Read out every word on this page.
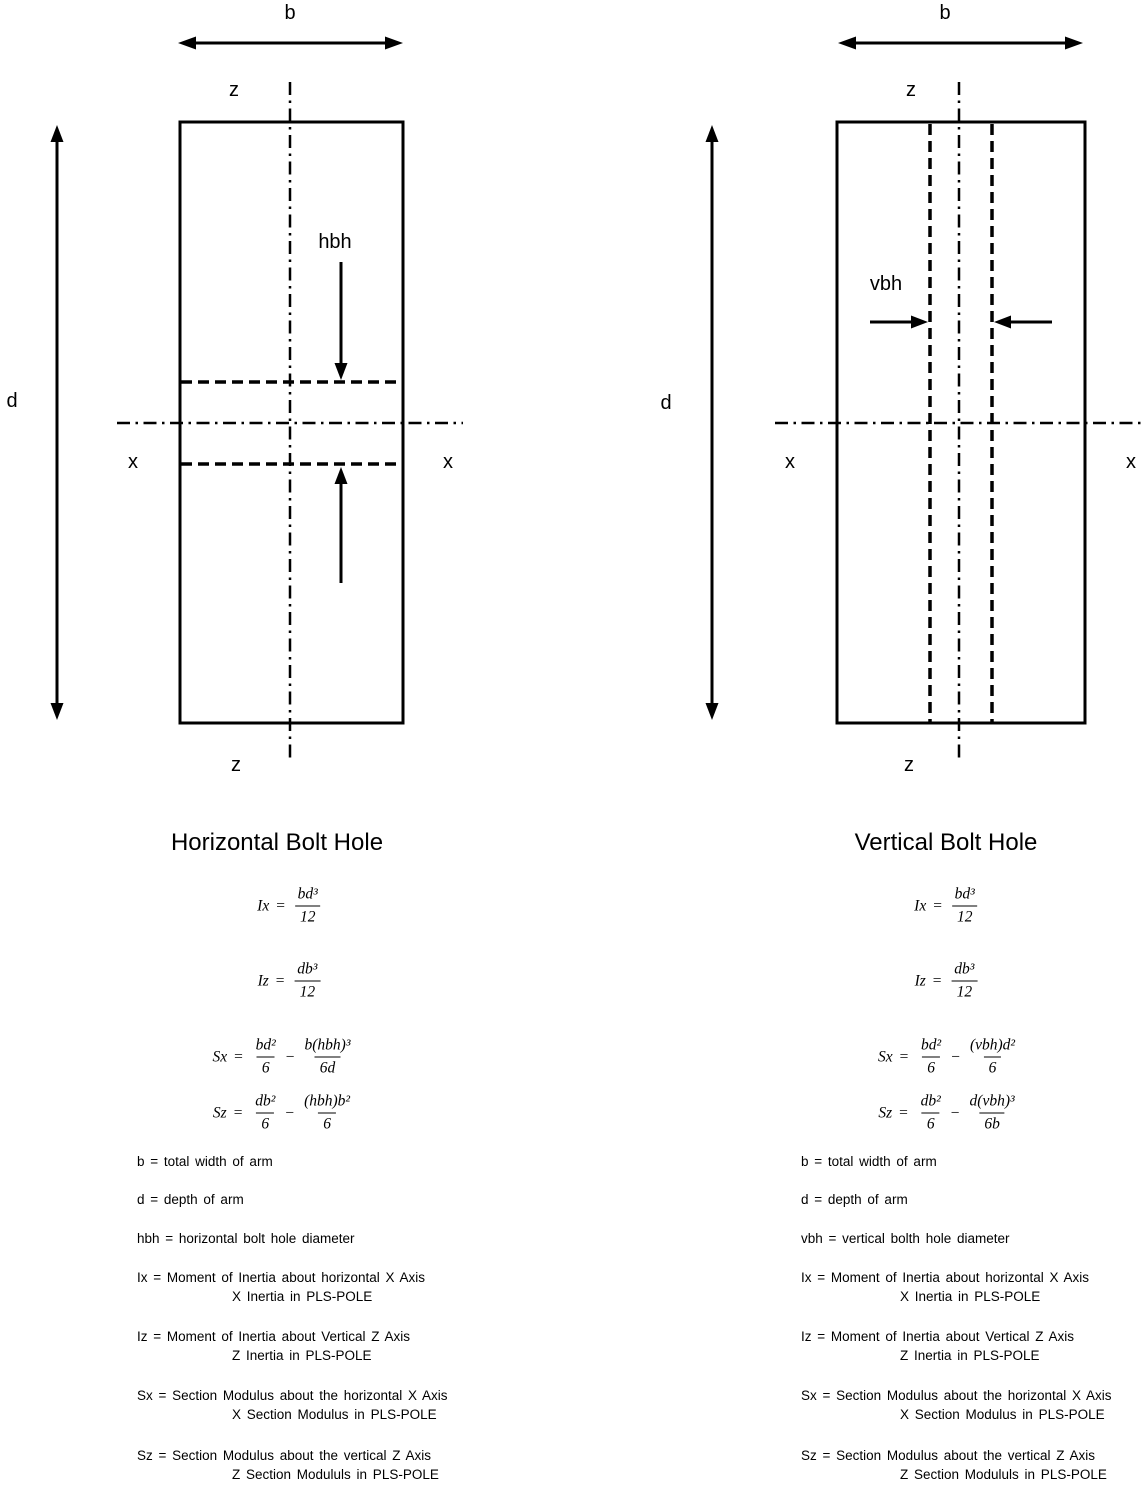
b
z
hbh
d
x	x
z
b
z
vbh
d
x	x
z
Horizontal Bolt Hole	Vertical Bolt Hole
$Ix = \frac{\text{bd³}}{12}$
$Iz = \frac{\text{db³}}{12}$
$Sx = \frac{\text{bd²}}{6} - \frac{\text{b(hbh)³}}{6d}$
$Sz = \frac{\text{db²}}{6} - \frac{\text{(hbh)b²}}{6}$
$Ix = \frac{\text{bd³}}{12}$
$Iz = \frac{\text{db³}}{12}$
$Sx = \frac{\text{bd²}}{6} - \frac{\text{(vbh)d²}}{6}$
$Sz = \frac{\text{db²}}{6} - \frac{\text{d(vbh)³}}{6b}$
b = total width of arm
d = depth of arm
hbh = horizontal bolt hole diameter
Ix = Moment of Inertia about horizontal X Axis
X Inertia in PLS-POLE
Iz = Moment of Inertia about Vertical Z Axis
Z Inertia in PLS-POLE
Sx = Section Modulus about the horizontal X Axis
X Section Modulus in PLS-POLE
Sz = Section Modulus about the vertical Z Axis
Z Section Modululs in PLS-POLE
b = total width of arm
d = depth of arm
vbh = vertical bolth hole diameter
Ix = Moment of Inertia about horizontal X Axis
X Inertia in PLS-POLE
Iz = Moment of Inertia about Vertical Z Axis
Z Inertia in PLS-POLE
Sx = Section Modulus about the horizontal X Axis
X Section Modulus in PLS-POLE
Sz = Section Modulus about the vertical Z Axis
Z Section Modululs in PLS-POLE
